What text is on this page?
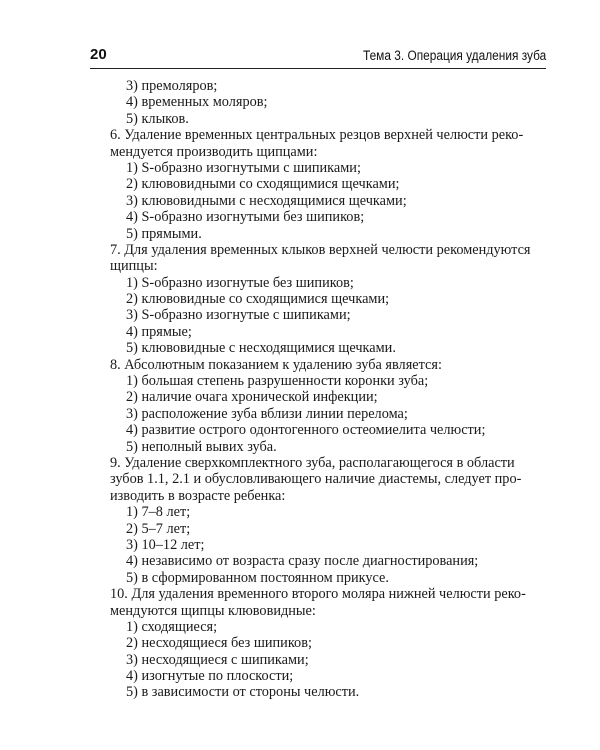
20	Тема 3. Операция удаления зуба
3) премоляров;
4) временных моляров;
5) клыков.
6. Удаление временных центральных резцов верхней челюсти реко-
мендуется производить щипцами:
1) S-образно изогнутыми с шипиками;
2) клювовидными со сходящимися щечками;
3) клювовидными с несходящимися щечками;
4) S-образно изогнутыми без шипиков;
5) прямыми.
7. Для удаления временных клыков верхней челюсти рекомендуются
щипцы:
1) S-образно изогнутые без шипиков;
2) клювовидные со сходящимися щечками;
3) S-образно изогнутые с шипиками;
4) прямые;
5) клювовидные с несходящимися щечками.
8. Абсолютным показанием к удалению зуба является:
1) большая степень разрушенности коронки зуба;
2) наличие очага хронической инфекции;
3) расположение зуба вблизи линии перелома;
4) развитие острого одонтогенного остеомиелита челюсти;
5) неполный вывих зуба.
9. Удаление сверхкомплектного зуба, располагающегося в области
зубов 1.1, 2.1 и обусловливающего наличие диастемы, следует про-
изводить в возрасте ребенка:
1) 7–8 лет;
2) 5–7 лет;
3) 10–12 лет;
4) независимо от возраста сразу после диагностирования;
5) в сформированном постоянном прикусе.
10. Для удаления временного второго моляра нижней челюсти реко-
мендуются щипцы клювовидные:
1) сходящиеся;
2) несходящиеся без шипиков;
3) несходящиеся с шипиками;
4) изогнутые по плоскости;
5) в зависимости от стороны челюсти.
